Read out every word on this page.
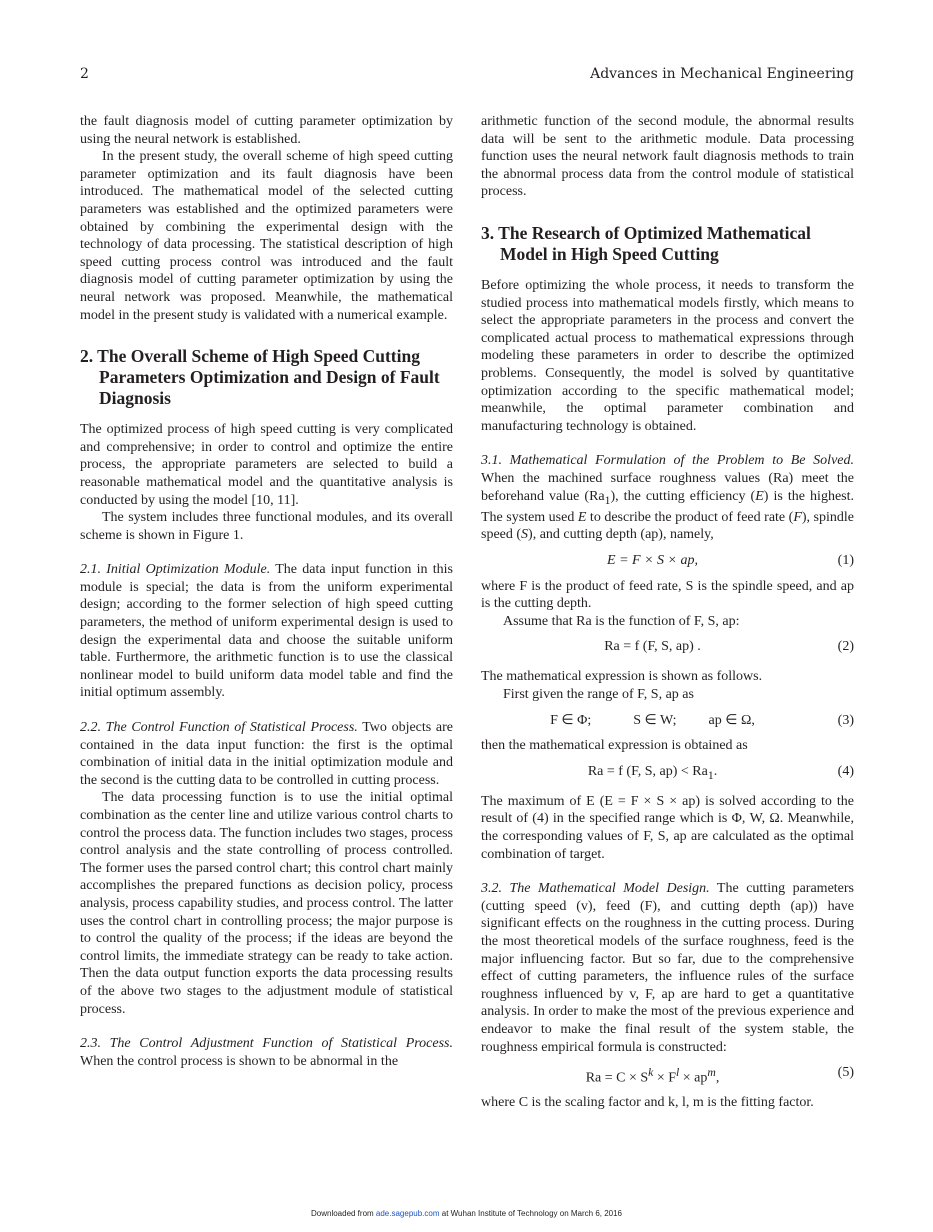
2	Advances in Mechanical Engineering

the fault diagnosis model of cutting parameter optimization by using the neural network is established.

In the present study, the overall scheme of high speed cutting parameter optimization and its fault diagnosis have been introduced. The mathematical model of the selected cutting parameters was established and the optimized parameters were obtained by combining the experimental design with the technology of data processing. The statistical description of high speed cutting process control was introduced and the fault diagnosis model of cutting parameter optimization by using the neural network was proposed. Meanwhile, the mathematical model in the present study is validated with a numerical example.

2. The Overall Scheme of High Speed Cutting Parameters Optimization and Design of Fault Diagnosis

The optimized process of high speed cutting is very complicated and comprehensive; in order to control and optimize the entire process, the appropriate parameters are selected to build a reasonable mathematical model and the quantitative analysis is conducted by using the model [10, 11].

The system includes three functional modules, and its overall scheme is shown in Figure 1.

2.1. Initial Optimization Module. The data input function in this module is special; the data is from the uniform experimental design; according to the former selection of high speed cutting parameters, the method of uniform experimental design is used to design the experimental data and choose the suitable uniform table. Furthermore, the arithmetic function is to use the classical nonlinear model to build uniform data model table and find the initial optimum assembly.

2.2. The Control Function of Statistical Process. Two objects are contained in the data input function: the first is the optimal combination of initial data in the initial optimization module and the second is the cutting data to be controlled in cutting process.

The data processing function is to use the initial optimal combination as the center line and utilize various control charts to control the process data. The function includes two stages, process control analysis and the state controlling of process controlled. The former uses the parsed control chart; this control chart mainly accomplishes the prepared functions as decision policy, process analysis, process capability studies, and process control. The latter uses the control chart in controlling process; the major purpose is to control the quality of the process; if the ideas are beyond the control limits, the immediate strategy can be ready to take action. Then the data output function exports the data processing results of the above two stages to the adjustment module of statistical process.

2.3. The Control Adjustment Function of Statistical Process. When the control process is shown to be abnormal in the

arithmetic function of the second module, the abnormal results data will be sent to the arithmetic module. Data processing function uses the neural network fault diagnosis methods to train the abnormal process data from the control module of statistical process.

3. The Research of Optimized Mathematical Model in High Speed Cutting

Before optimizing the whole process, it needs to transform the studied process into mathematical models firstly, which means to select the appropriate parameters in the process and convert the complicated actual process to mathematical expressions through modeling these parameters in order to describe the optimized problems. Consequently, the model is solved by quantitative optimization according to the specific mathematical model; meanwhile, the optimal parameter combination and manufacturing technology is obtained.

3.1. Mathematical Formulation of the Problem to Be Solved. When the machined surface roughness values (Ra) meet the beforehand value $(Ra_1)$, the cutting efficiency (E) is the highest. The system used E to describe the product of feed rate (F), spindle speed (S), and cutting depth (ap), namely,

E = F × S × ap,	(1)

where F is the product of feed rate, S is the spindle speed, and ap is the cutting depth.

Assume that Ra is the function of F, S, ap:

Ra = f (F, S, ap) .	(2)

The mathematical expression is shown as follows.

First given the range of F, S, ap as

F ∈ Φ;	S ∈ W; ap ∈ Ω,	(3)

then the mathematical expression is obtained as

Ra = f (F, S, $ap) < Ra_1$.	(4)

The maximum of E (E = F × S × ap) is solved according to the result of (4) in the specified range which is Φ, W, Ω. Meanwhile, the corresponding values of F, S, ap are calculated as the optimal combination of target.

3.2. The Mathematical Model Design. The cutting parameters (cutting speed (v), feed (F), and cutting depth (ap)) have significant effects on the roughness in the cutting process. During the most theoretical models of the surface roughness, feed is the major influencing factor. But so far, due to the comprehensive effect of cutting parameters, the influence rules of the surface roughness influenced by v, F, ap are hard to get a quantitative analysis. In order to make the most of the previous experience and endeavor to make the final result of the system stable, the roughness empirical formula is constructed:

$Ra = C \times S^k \times F^l \times ap^m$,	(5)

where C is the scaling factor and k, l, m is the fitting factor.

Downloaded from ade.sagepub.com at Wuhan Institute of Technology on March 6, 2016
